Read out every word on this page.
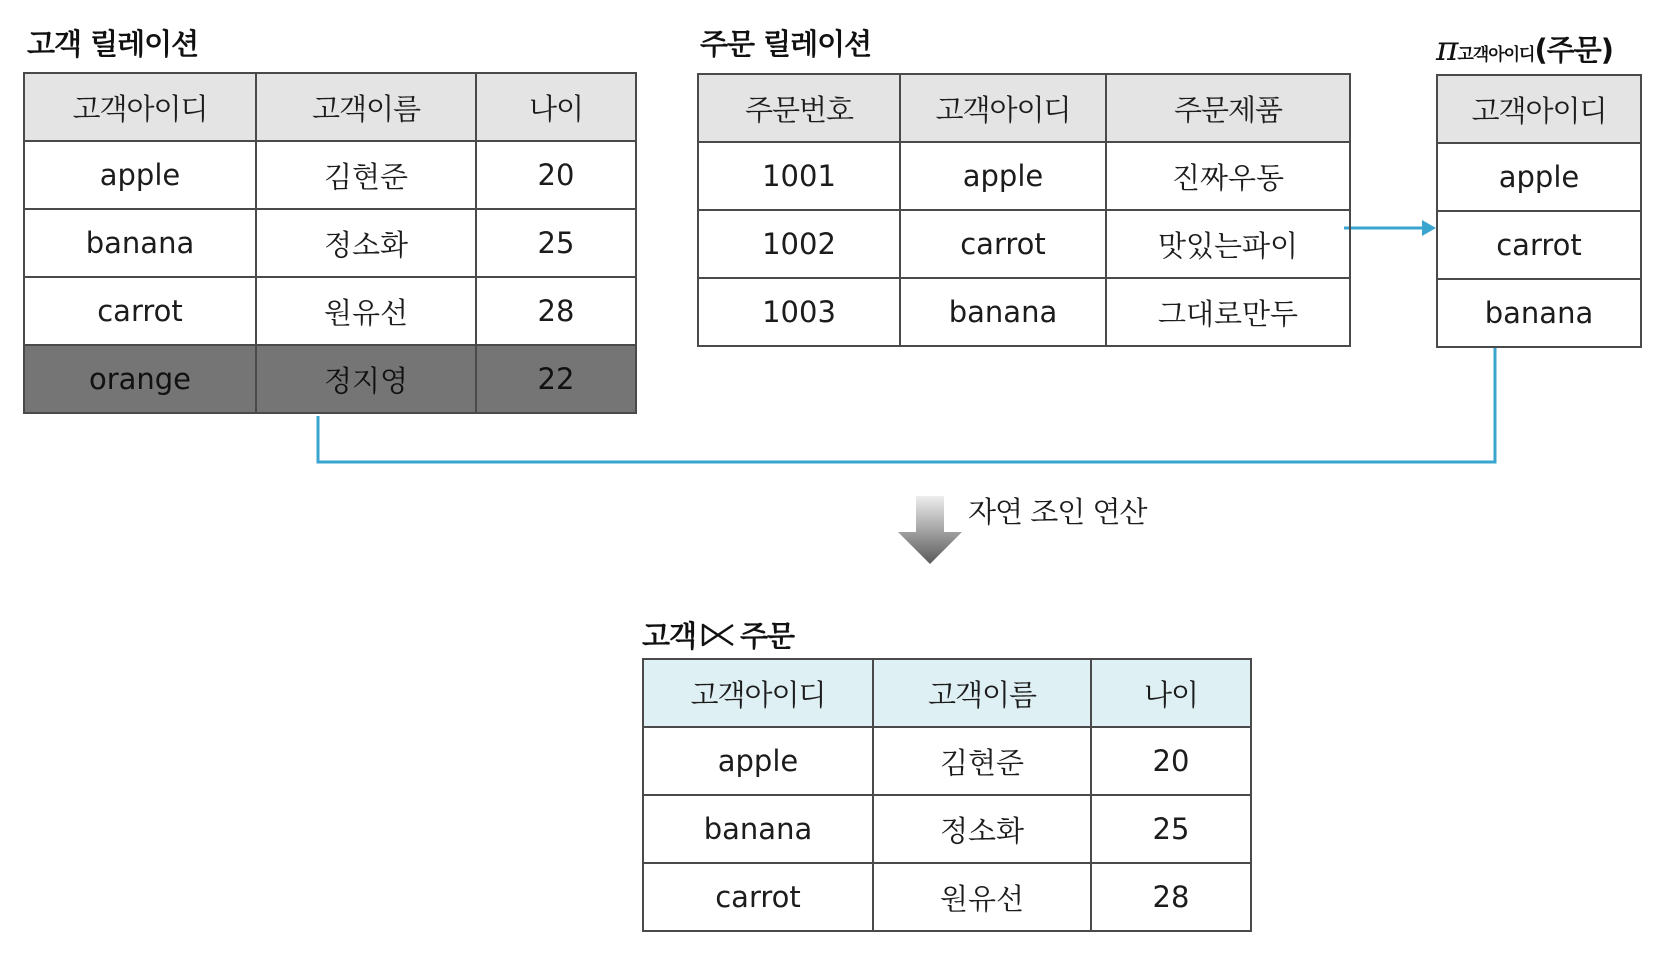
고객 릴레이션
고객아이디	고객이름	나이
apple	김현준	20
banana	정소화	25
carrot	원유선	28
orange	정지영	22
주문 릴레이션
주문번호	고객아이디	주문제품
1001	apple	진짜우동
1002	carrot	맛있는파이
1003	banana	그대로만두
π고객아이디(주문)
고객아이디
apple
carrot
banana
자연 조인 연산
고객 주문
고객아이디	고객이름	나이
apple	김현준	20
banana	정소화	25
carrot	원유선	28
